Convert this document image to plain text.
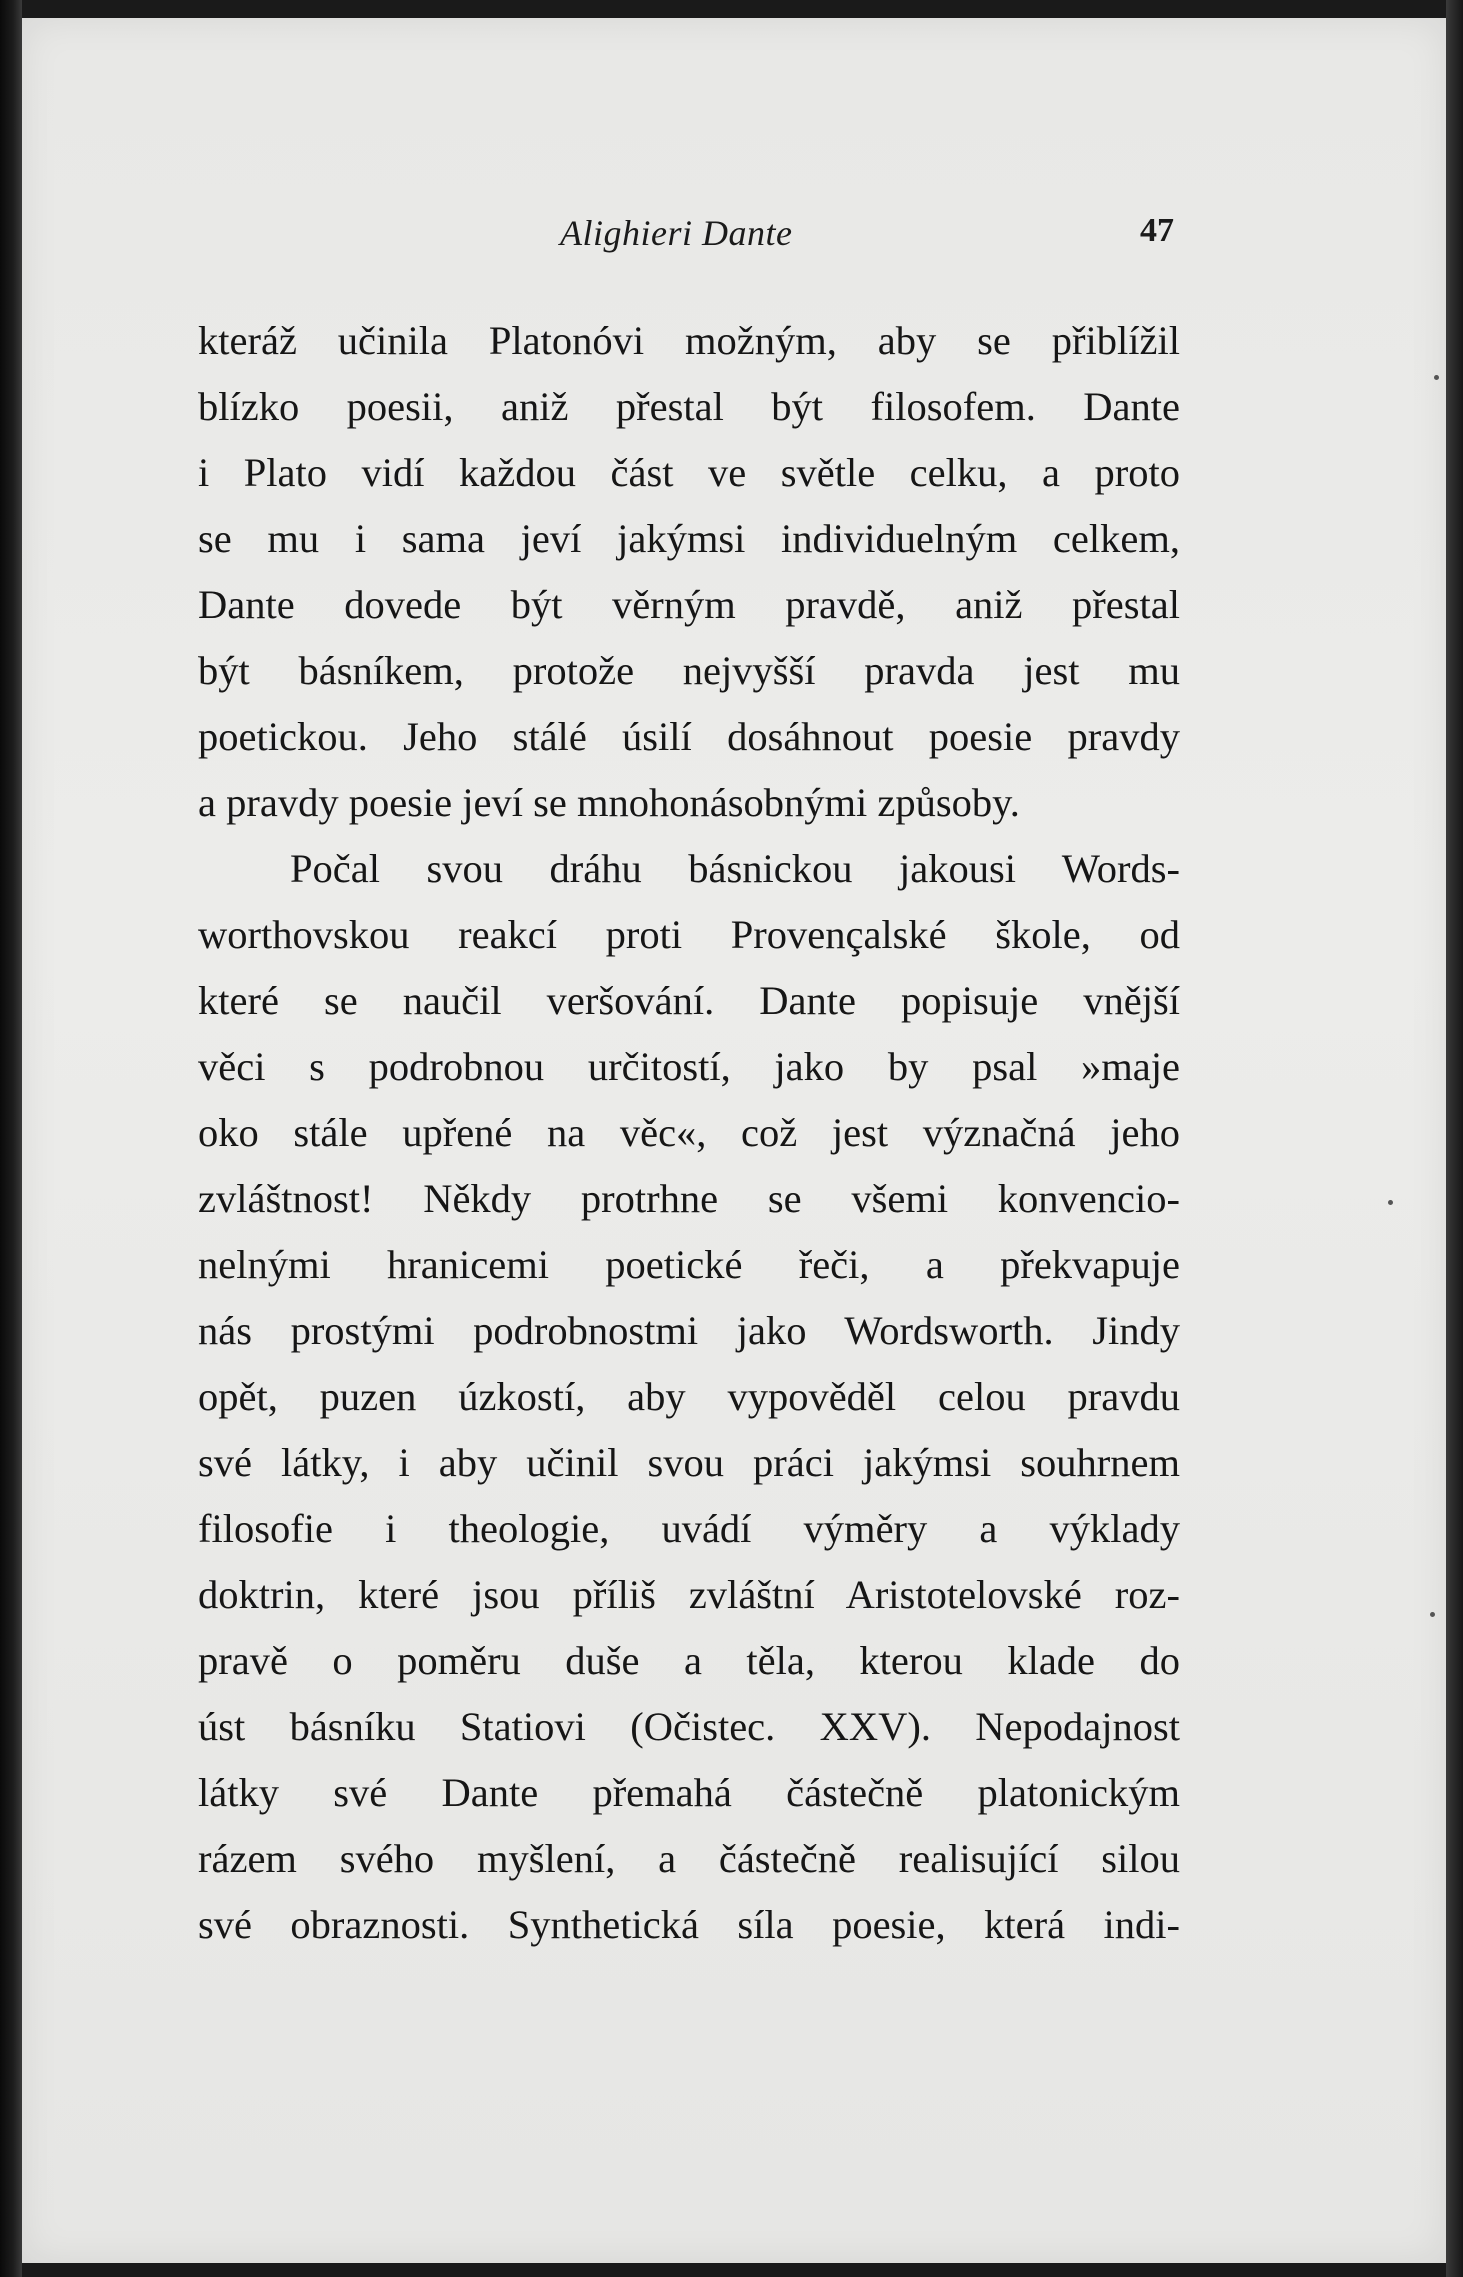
Alighieri Dante	47
kteráž učinila Platonóvi možným, aby se přiblížil
blízko poesii, aniž přestal být filosofem. Dante
i Plato vidí každou část ve světle celku, a proto
se mu i sama jeví jakýmsi individuelným celkem,
Dante dovede být věrným pravdě, aniž přestal
být básníkem, protože nejvyšší pravda jest mu
poetickou. Jeho stálé úsilí dosáhnout poesie pravdy
a pravdy poesie jeví se mnohonásobnými způsoby.
Počal svou dráhu básnickou jakousi Words-
worthovskou reakcí proti Provençalské škole, od
které se naučil veršování. Dante popisuje vnější
věci s podrobnou určitostí, jako by psal »maje
oko stále upřené na věc«, což jest význačná jeho
zvláštnost! Někdy protrhne se všemi konvencio-
nelnými hranicemi poetické řeči, a překvapuje
nás prostými podrobnostmi jako Wordsworth. Jindy
opět, puzen úzkostí, aby vypověděl celou pravdu
své látky, i aby učinil svou práci jakýmsi souhrnem
filosofie i theologie, uvádí výměry a výklady
doktrin, které jsou příliš zvláštní Aristotelovské roz-
pravě o poměru duše a těla, kterou klade do
úst básníku Statiovi (Očistec. XXV). Nepodajnost
látky své Dante přemahá částečně platonickým
rázem svého myšlení, a částečně realisující silou
své obraznosti. Synthetická síla poesie, která indi-
